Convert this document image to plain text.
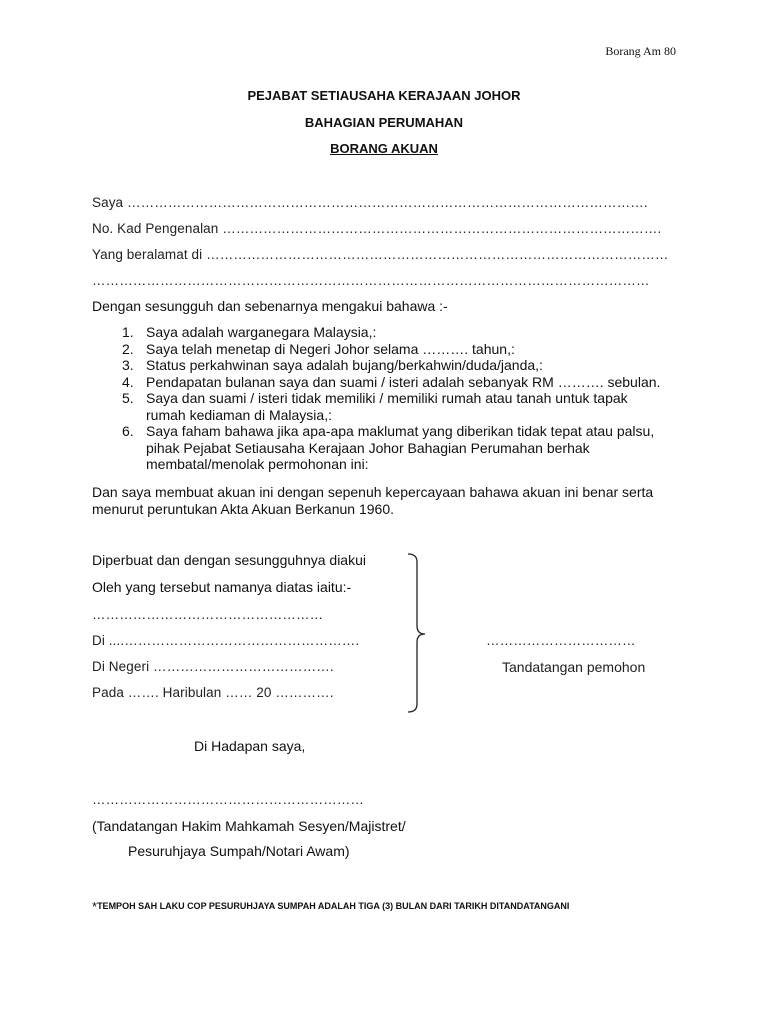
Borang Am 80
PEJABAT SETIAUSAHA KERAJAAN JOHOR
BAHAGIAN PERUMAHAN
BORANG AKUAN
Saya …………………………………………………………………………………………………….
No. Kad Pengenalan …………………………………………………………………………………….
Yang beralamat di …………………………………………………………………………………………
……………………………………………………………………………………………………………
Dengan sesungguh dan sebenarnya mengakui bahawa :-
1. Saya adalah warganegara Malaysia,:
2. Saya telah menetap di Negeri Johor selama ………. tahun,:
3. Status perkahwinan saya adalah bujang/berkahwin/duda/janda,:
4. Pendapatan bulanan saya dan suami / isteri adalah sebanyak RM ………. sebulan.
5. Saya dan suami / isteri tidak memiliki / memiliki rumah atau tanah untuk tapak rumah kediaman di Malaysia,:
6. Saya faham bahawa jika apa-apa maklumat yang diberikan tidak tepat atau palsu, pihak Pejabat Setiausaha Kerajaan Johor Bahagian Perumahan berhak membatal/menolak permohonan ini:
Dan saya membuat akuan ini dengan sepenuh kepercayaan bahawa akuan ini benar serta
menurut peruntukan Akta Akuan Berkanun 1960.
Diperbuat dan dengan sesungguhnya diakui
Oleh yang tersebut namanya diatas iaitu:-
……………………………………………
Di ....…………………………………………….
Di Negeri ………………………………….
Pada ……. Haribulan …… 20 ………….
……………………………
Tandatangan pemohon
Di Hadapan saya,
……………………………………………………
(Tandatangan Hakim Mahkamah Sesyen/Majistret/
Pesuruhjaya Sumpah/Notari Awam)
*TEMPOH SAH LAKU COP PESURUHJAYA SUMPAH ADALAH TIGA (3) BULAN DARI TARIKH DITANDATANGANI
